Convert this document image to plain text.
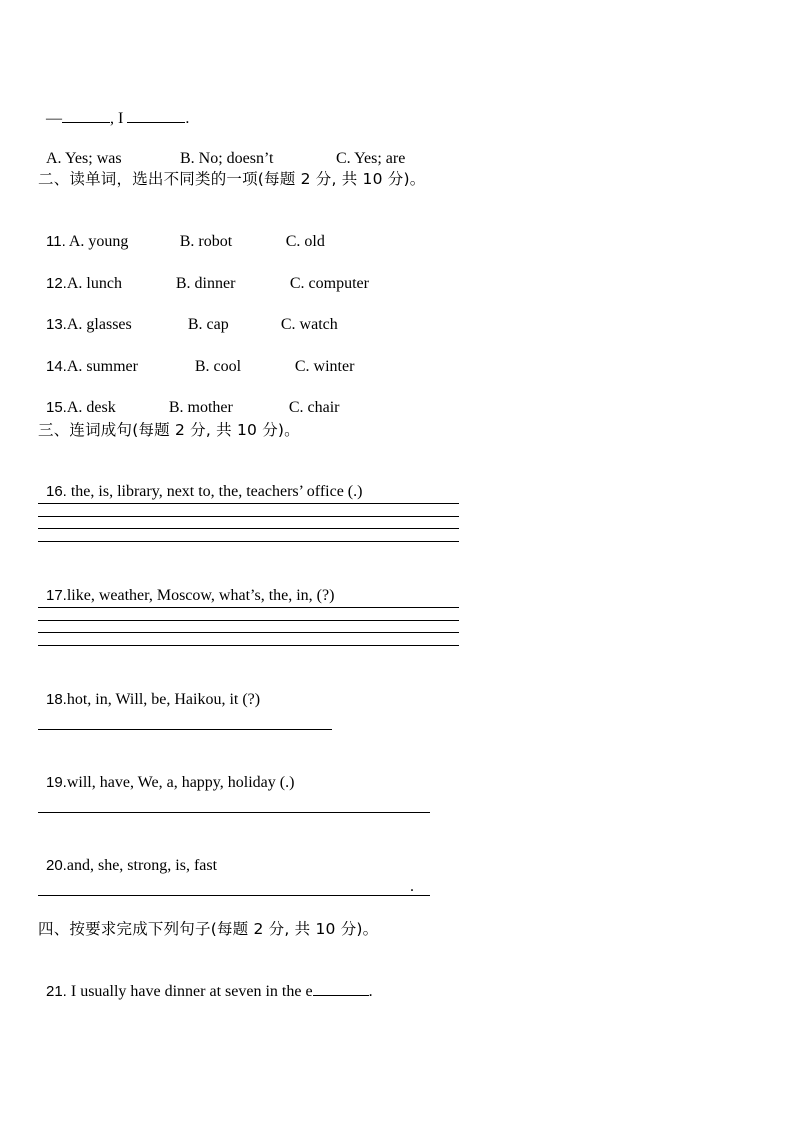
—	, I	.

A. Yes; was	B. No; doesn’t	C. Yes; are

二、读单词，选出不同类的一项(每题 2 分, 共 10 分)。

11. A. young	B. robot	C. old

12.A. lunch	B. dinner	C. computer

13.A. glasses	B. cap	C. watch

14.A. summer	B. cool	C. winter

15.A. desk	B. mother	C. chair

三、连词成句(每题 2 分, 共 10 分)。

16. the, is, library, next to, the, teachers’ office (.)

17.like, weather, Moscow, what’s, the, in, (?)

18.hot, in, Will, be, Haikou, it (?)

19.will, have, We, a, happy, holiday (.)

20.and, she, strong, is, fast

.
四、按要求完成下列句子(每题 2 分, 共 10 分)。

21. I usually have dinner at seven in the e	.
